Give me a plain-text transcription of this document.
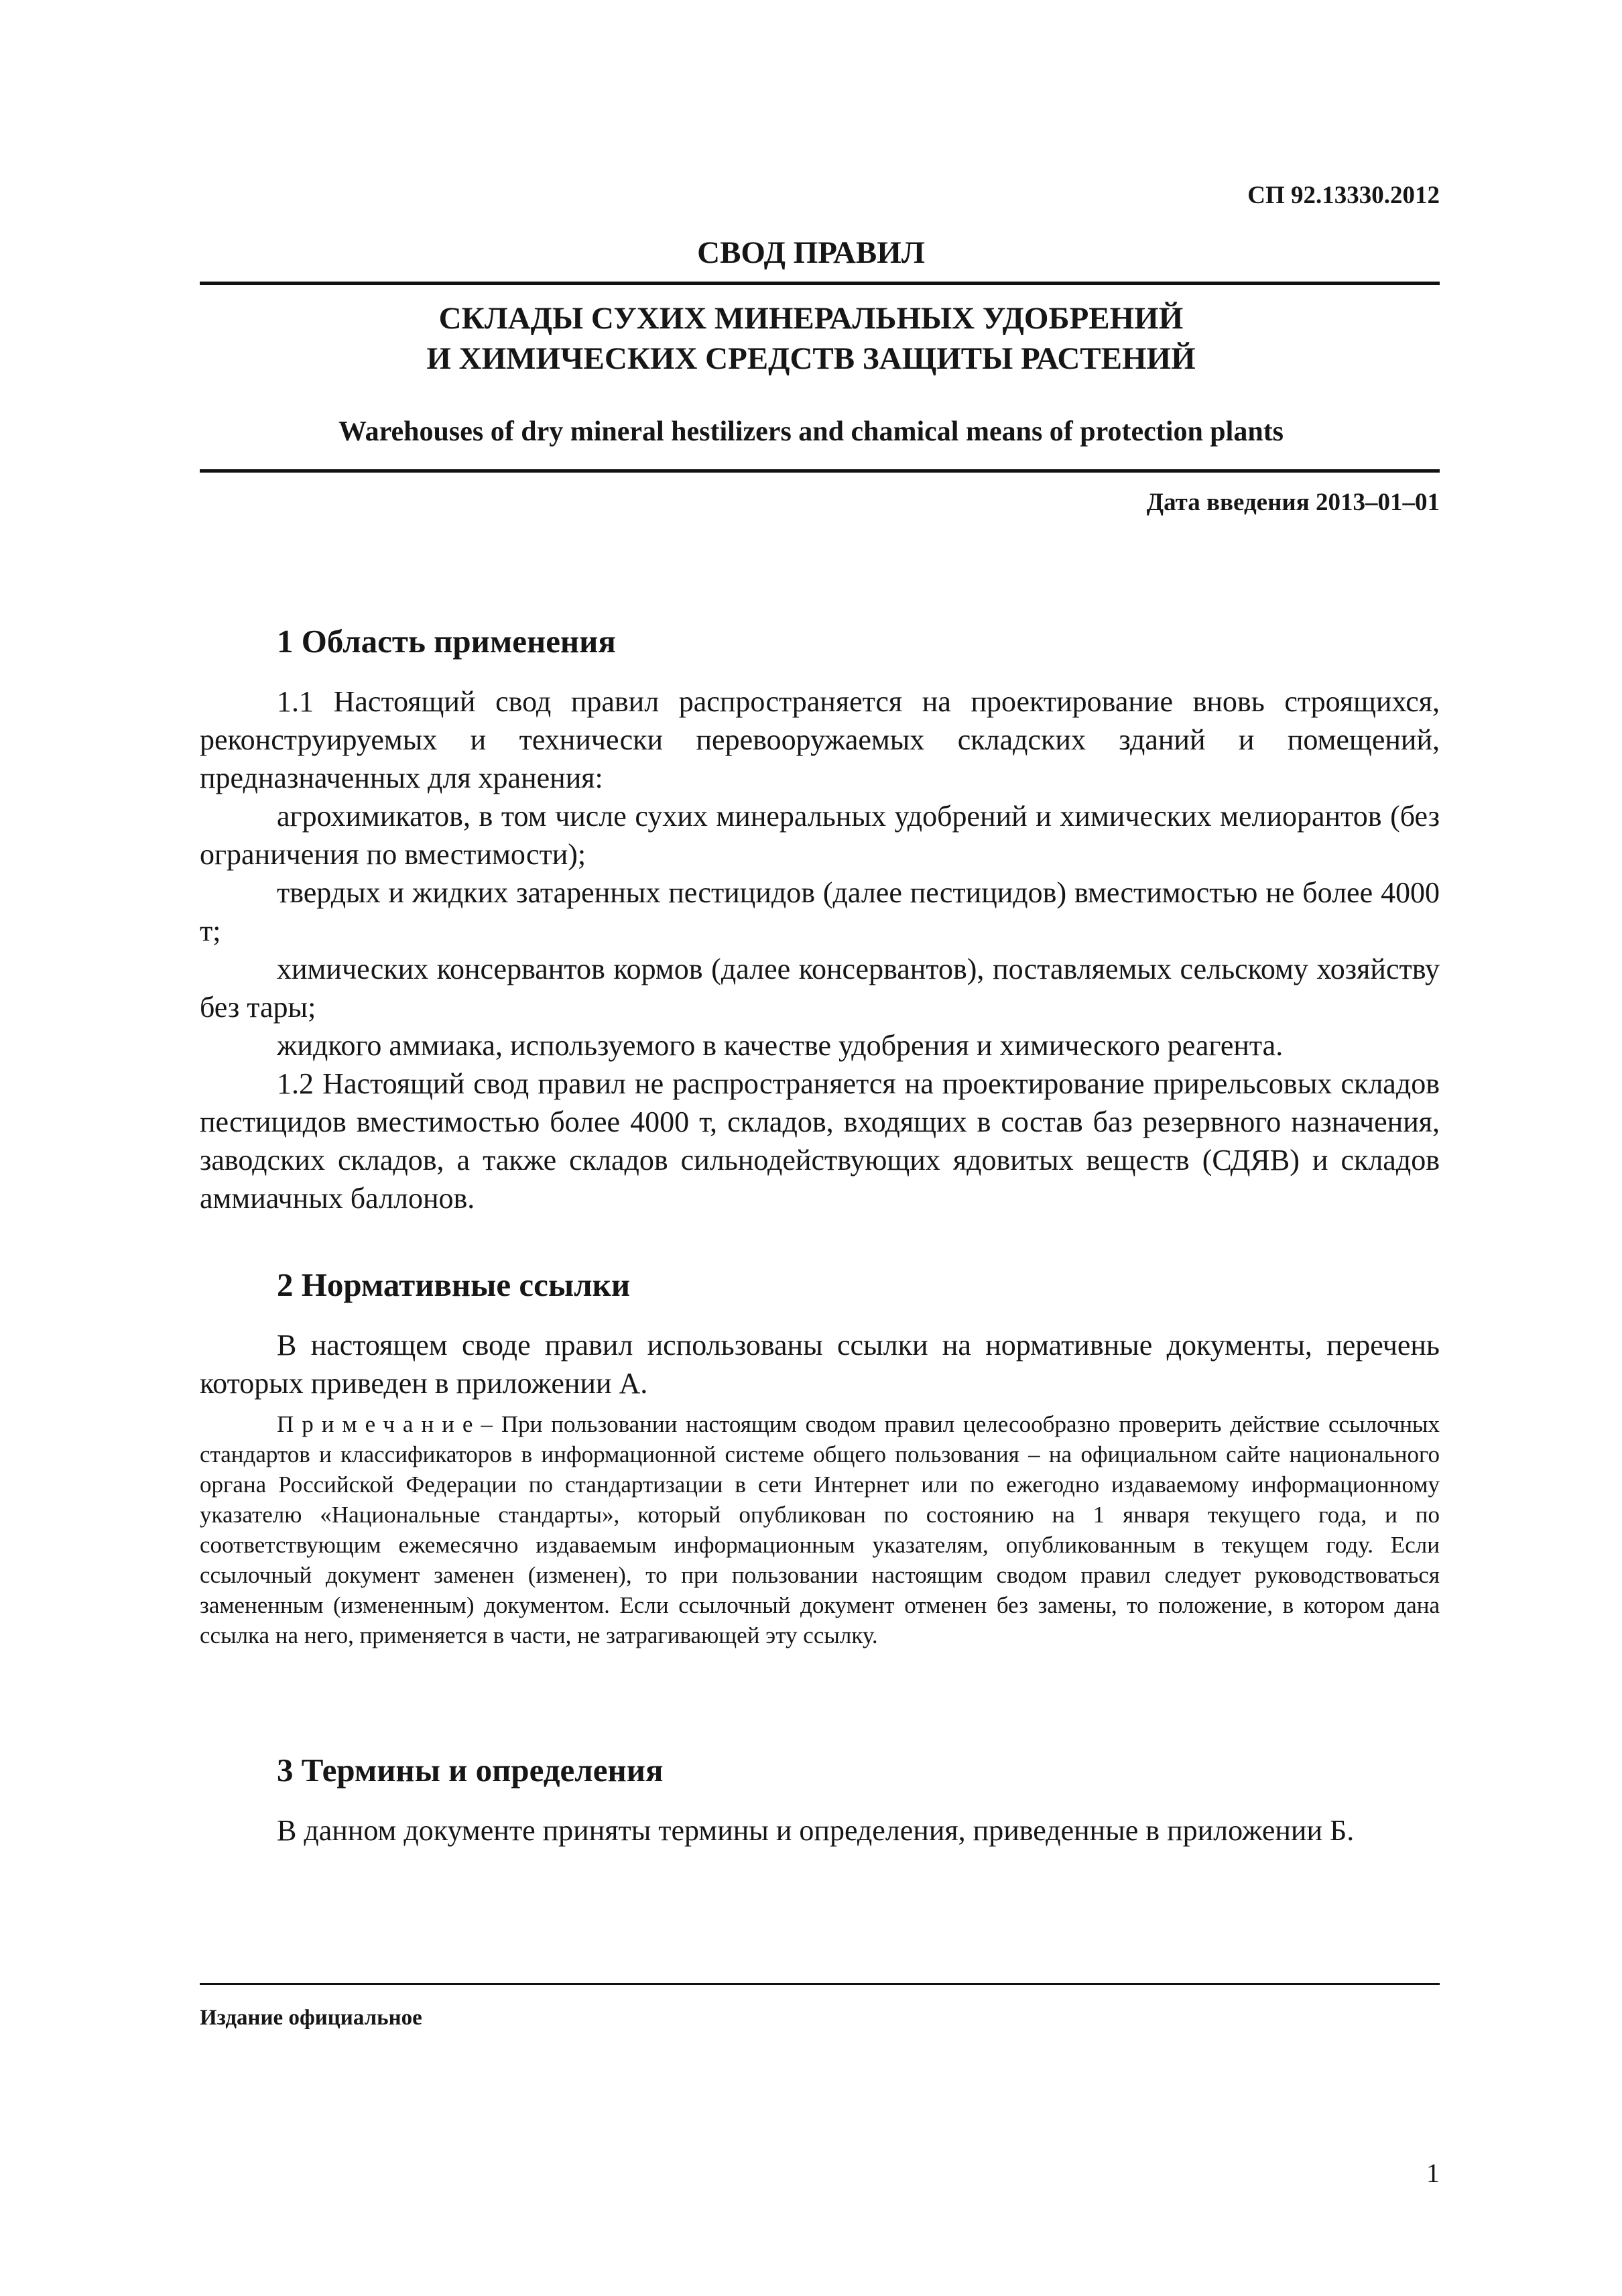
СП 92.13330.2012
СВОД ПРАВИЛ
СКЛАДЫ СУХИХ МИНЕРАЛЬНЫХ УДОБРЕНИЙ
И ХИМИЧЕСКИХ СРЕДСТВ ЗАЩИТЫ РАСТЕНИЙ
Warehouses of dry mineral hestilizers and chamical means of protection plants
Дата введения 2013–01–01
1 Область применения

1.1 Настоящий свод правил распространяется на проектирование вновь строящихся, реконструируемых и технически перевооружаемых складских зданий и помещений, предназначенных для хранения:

агрохимикатов, в том числе сухих минеральных удобрений и химических мелиорантов (без ограничения по вместимости);

твердых и жидких затаренных пестицидов (далее пестицидов) вместимостью не более 4000 т;

химических консервантов кормов (далее консервантов), поставляемых сельскому хозяйству без тары;

жидкого аммиака, используемого в качестве удобрения и химического реагента.

1.2 Настоящий свод правил не распространяется на проектирование прирельсовых складов пестицидов вместимостью более 4000 т, складов, входящих в состав баз резервного назначения, заводских складов, а также складов сильнодействующих ядовитых веществ (СДЯВ) и складов аммиачных баллонов.

2 Нормативные ссылки

В настоящем своде правил использованы ссылки на нормативные документы, перечень которых приведен в приложении А.

Примечание– При пользовании настоящим сводом правил целесообразно проверить действие ссылочных стандартов и классификаторов в информационной системе общего пользования – на официальном сайте национального органа Российской Федерации по стандартизации в сети Интернет или по ежегодно издаваемому информационному указателю «Национальные стандарты», который опубликован по состоянию на 1 января текущего года, и по соответствующим ежемесячно издаваемым информационным указателям, опубликованным в текущем году. Если ссылочный документ заменен (изменен), то при пользовании настоящим сводом правил следует руководствоваться замененным (измененным) документом. Если ссылочный документ отменен без замены, то положение, в котором дана ссылка на него, применяется в части, не затрагивающей эту ссылку.

3 Термины и определения

В данном документе приняты термины и определения, приведенные в приложении Б.

Издание официальное
1
